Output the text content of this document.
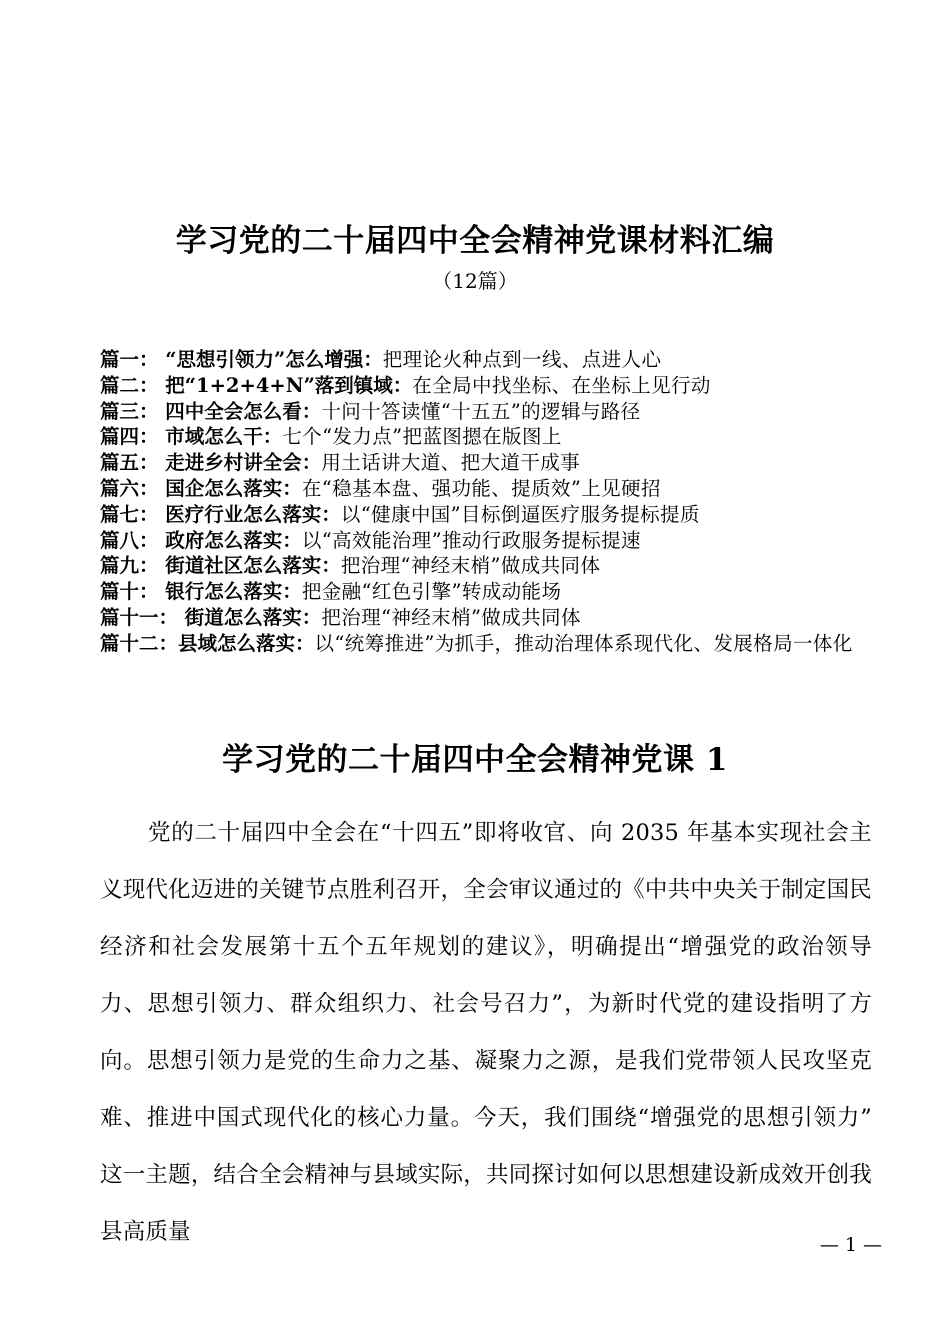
学习党的二十届四中全会精神党课材料汇编
（12篇）
篇一： “思想引领力”怎么增强：把理论火种点到一线、点进人心
篇二： 把“1+2+4+N”落到镇域：在全局中找坐标、在坐标上见行动
篇三： 四中全会怎么看：十问十答读懂“十五五”的逻辑与路径
篇四： 市域怎么干：七个“发力点”把蓝图摁在版图上
篇五： 走进乡村讲全会：用土话讲大道、把大道干成事
篇六： 国企怎么落实：在“稳基本盘、强功能、提质效”上见硬招
篇七： 医疗行业怎么落实：以“健康中国”目标倒逼医疗服务提标提质
篇八： 政府怎么落实：以“高效能治理”推动行政服务提标提速
篇九： 街道社区怎么落实：把治理“神经末梢”做成共同体
篇十： 银行怎么落实：把金融“红色引擎”转成动能场
篇十一： 街道怎么落实：把治理“神经末梢”做成共同体
篇十二：县域怎么落实：以“统筹推进”为抓手，推动治理体系现代化、发展格局一体化
学习党的二十届四中全会精神党课 1

党的二十届四中全会在“十四五”即将收官、向 2035 年基本实现社会主义现代化迈进的关键节点胜利召开，全会审议通过的《中共中央关于制定国民经济和社会发展第十五个五年规划的建议》，明确提出“增强党的政治领导力、思想引领力、群众组织力、社会号召力”，为新时代党的建设指明了方向。思想引领力是党的生命力之基、凝聚力之源，是我们党带领人民攻坚克难、推进中国式现代化的核心力量。今天，我们围绕“增强党的思想引领力”这一主题，结合全会精神与县域实际，共同探讨如何以思想建设新成效开创我县高质量

— 1 —
